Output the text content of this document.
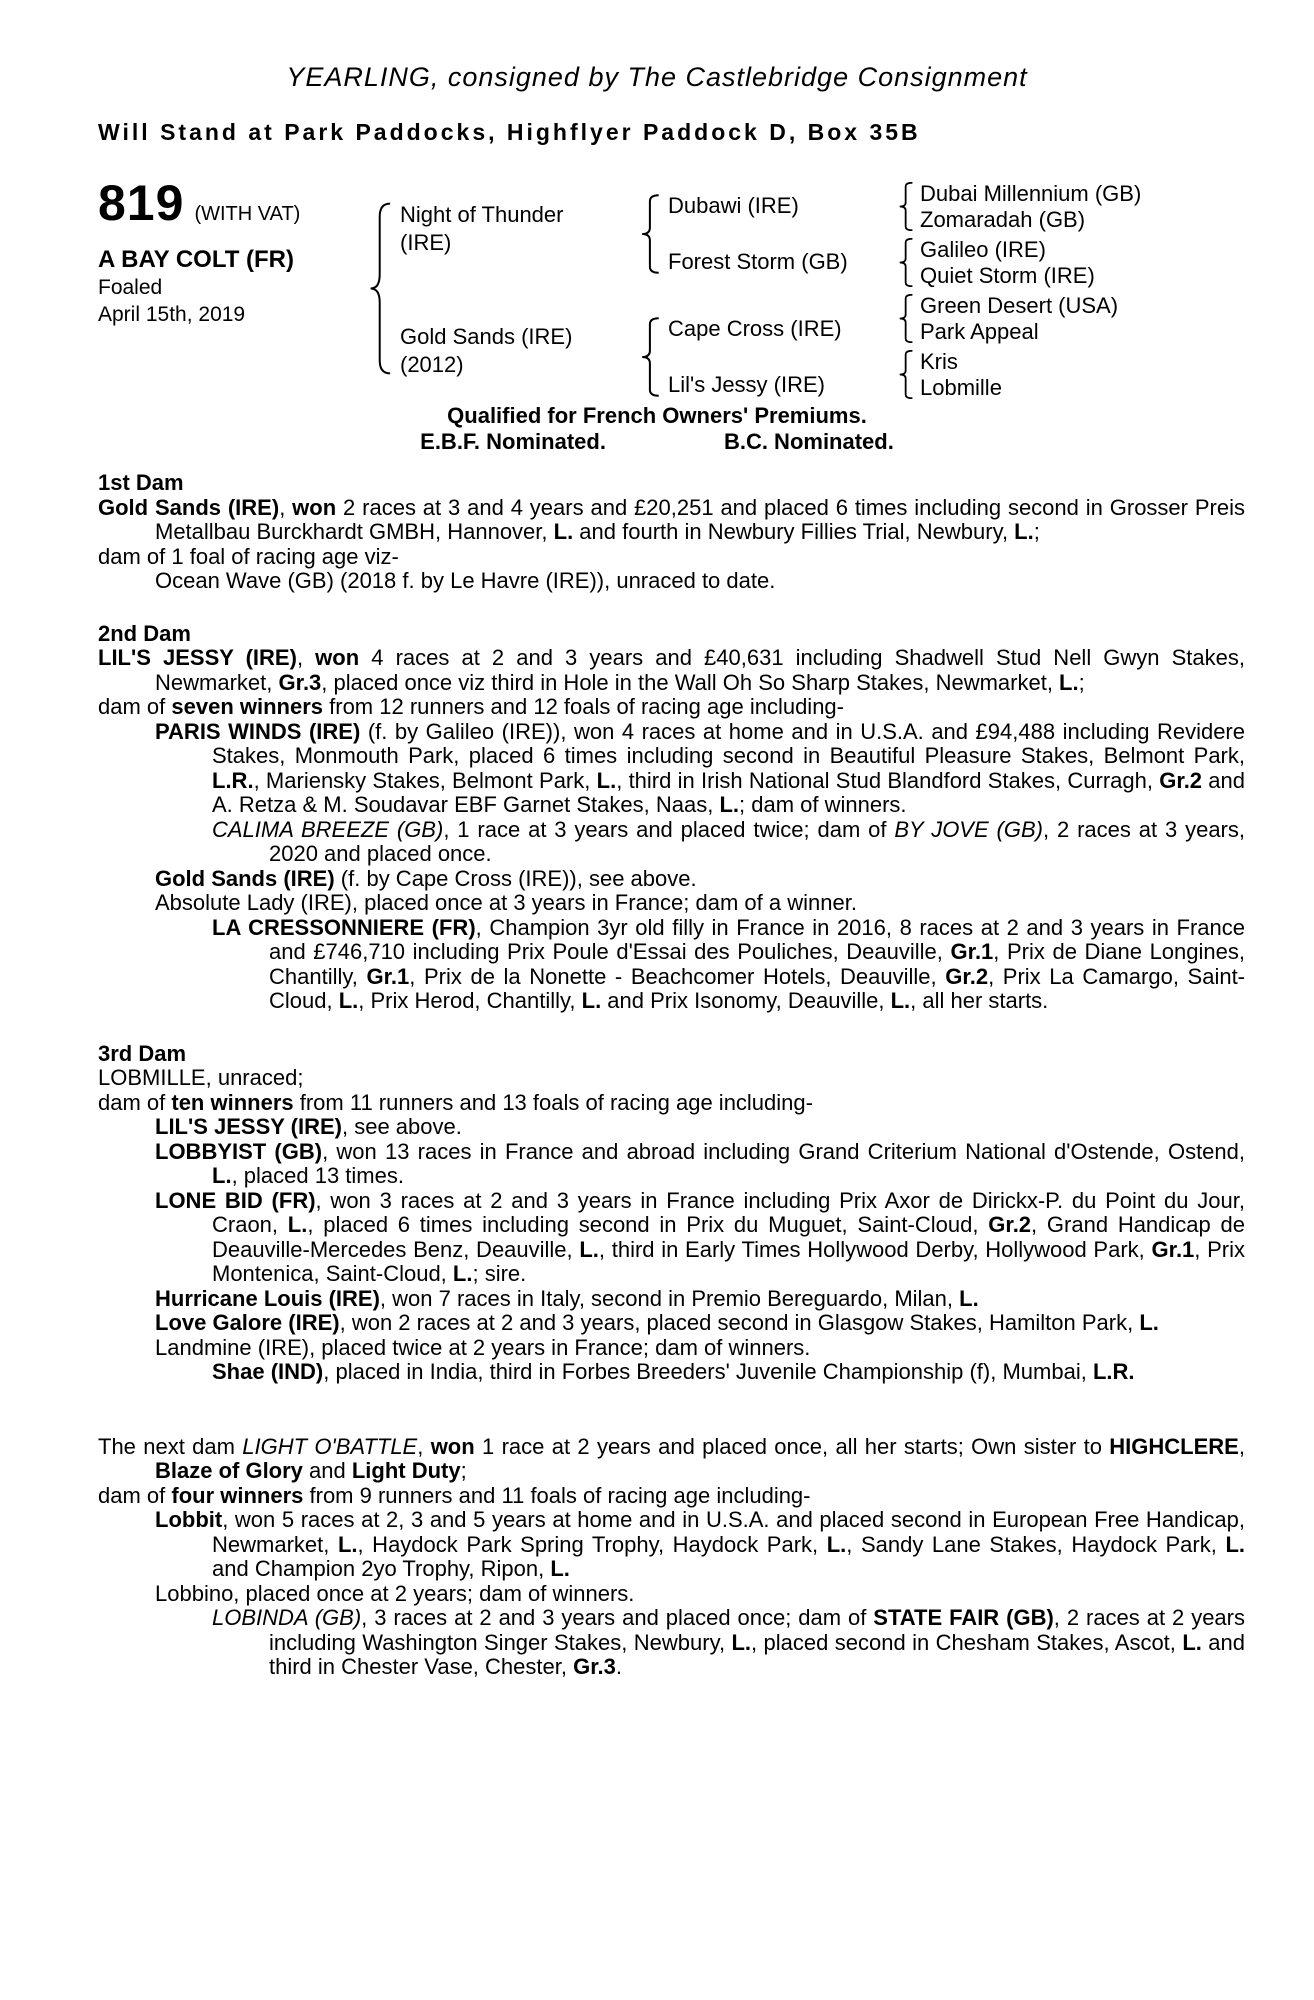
YEARLING, consigned by The Castlebridge Consignment
Will Stand at Park Paddocks, Highflyer Paddock D, Box 35B
819 (WITH VAT)
A BAY COLT (FR)
Foaled
April 15th, 2019
Night of Thunder
(IRE)
Gold Sands (IRE)
(2012)
Dubawi (IRE)
Forest Storm (GB)
Cape Cross (IRE)
Lil's Jessy (IRE)
Dubai Millennium (GB)
Zomaradah (GB)
Galileo (IRE)
Quiet Storm (IRE)
Green Desert (USA)
Park Appeal
Kris
Lobmille
Qualified for French Owners' Premiums.
E.B.F. Nominated.	B.C. Nominated.
1st Dam
Gold Sands (IRE), won 2 races at 3 and 4 years and £20,251 and placed 6 times including second in Grosser Preis Metallbau Burckhardt GMBH, Hannover, L. and fourth in Newbury Fillies Trial, Newbury, L.;
dam of 1 foal of racing age viz-
Ocean Wave (GB) (2018 f. by Le Havre (IRE)), unraced to date.
2nd Dam
LIL'S JESSY (IRE), won 4 races at 2 and 3 years and £40,631 including Shadwell Stud Nell Gwyn Stakes, Newmarket, Gr.3, placed once viz third in Hole in the Wall Oh So Sharp Stakes, Newmarket, L.;
dam of seven winners from 12 runners and 12 foals of racing age including-
PARIS WINDS (IRE) (f. by Galileo (IRE)), won 4 races at home and in U.S.A. and £94,488 including Revidere Stakes, Monmouth Park, placed 6 times including second in Beautiful Pleasure Stakes, Belmont Park, L.R., Mariensky Stakes, Belmont Park, L., third in Irish National Stud Blandford Stakes, Curragh, Gr.2 and A. Retza & M. Soudavar EBF Garnet Stakes, Naas, L.; dam of winners.
CALIMA BREEZE (GB), 1 race at 3 years and placed twice; dam of BY JOVE (GB), 2 races at 3 years, 2020 and placed once.
Gold Sands (IRE) (f. by Cape Cross (IRE)), see above.
Absolute Lady (IRE), placed once at 3 years in France; dam of a winner.
LA CRESSONNIERE (FR), Champion 3yr old filly in France in 2016, 8 races at 2 and 3 years in France and £746,710 including Prix Poule d'Essai des Pouliches, Deauville, Gr.1, Prix de Diane Longines, Chantilly, Gr.1, Prix de la Nonette - Beachcomer Hotels, Deauville, Gr.2, Prix La Camargo, Saint-Cloud, L., Prix Herod, Chantilly, L. and Prix Isonomy, Deauville, L., all her starts.
3rd Dam
LOBMILLE, unraced;
dam of ten winners from 11 runners and 13 foals of racing age including-
LIL'S JESSY (IRE), see above.
LOBBYIST (GB), won 13 races in France and abroad including Grand Criterium National d'Ostende, Ostend, L., placed 13 times.
LONE BID (FR), won 3 races at 2 and 3 years in France including Prix Axor de Dirickx-P. du Point du Jour, Craon, L., placed 6 times including second in Prix du Muguet, Saint-Cloud, Gr.2, Grand Handicap de Deauville-Mercedes Benz, Deauville, L., third in Early Times Hollywood Derby, Hollywood Park, Gr.1, Prix Montenica, Saint-Cloud, L.; sire.
Hurricane Louis (IRE), won 7 races in Italy, second in Premio Bereguardo, Milan, L.
Love Galore (IRE), won 2 races at 2 and 3 years, placed second in Glasgow Stakes, Hamilton Park, L.
Landmine (IRE), placed twice at 2 years in France; dam of winners.
Shae (IND), placed in India, third in Forbes Breeders' Juvenile Championship (f), Mumbai, L.R.
The next dam LIGHT O'BATTLE, won 1 race at 2 years and placed once, all her starts; Own sister to HIGHCLERE, Blaze of Glory and Light Duty;
dam of four winners from 9 runners and 11 foals of racing age including-
Lobbit, won 5 races at 2, 3 and 5 years at home and in U.S.A. and placed second in European Free Handicap, Newmarket, L., Haydock Park Spring Trophy, Haydock Park, L., Sandy Lane Stakes, Haydock Park, L. and Champion 2yo Trophy, Ripon, L.
Lobbino, placed once at 2 years; dam of winners.
LOBINDA (GB), 3 races at 2 and 3 years and placed once; dam of STATE FAIR (GB), 2 races at 2 years including Washington Singer Stakes, Newbury, L., placed second in Chesham Stakes, Ascot, L. and third in Chester Vase, Chester, Gr.3.
